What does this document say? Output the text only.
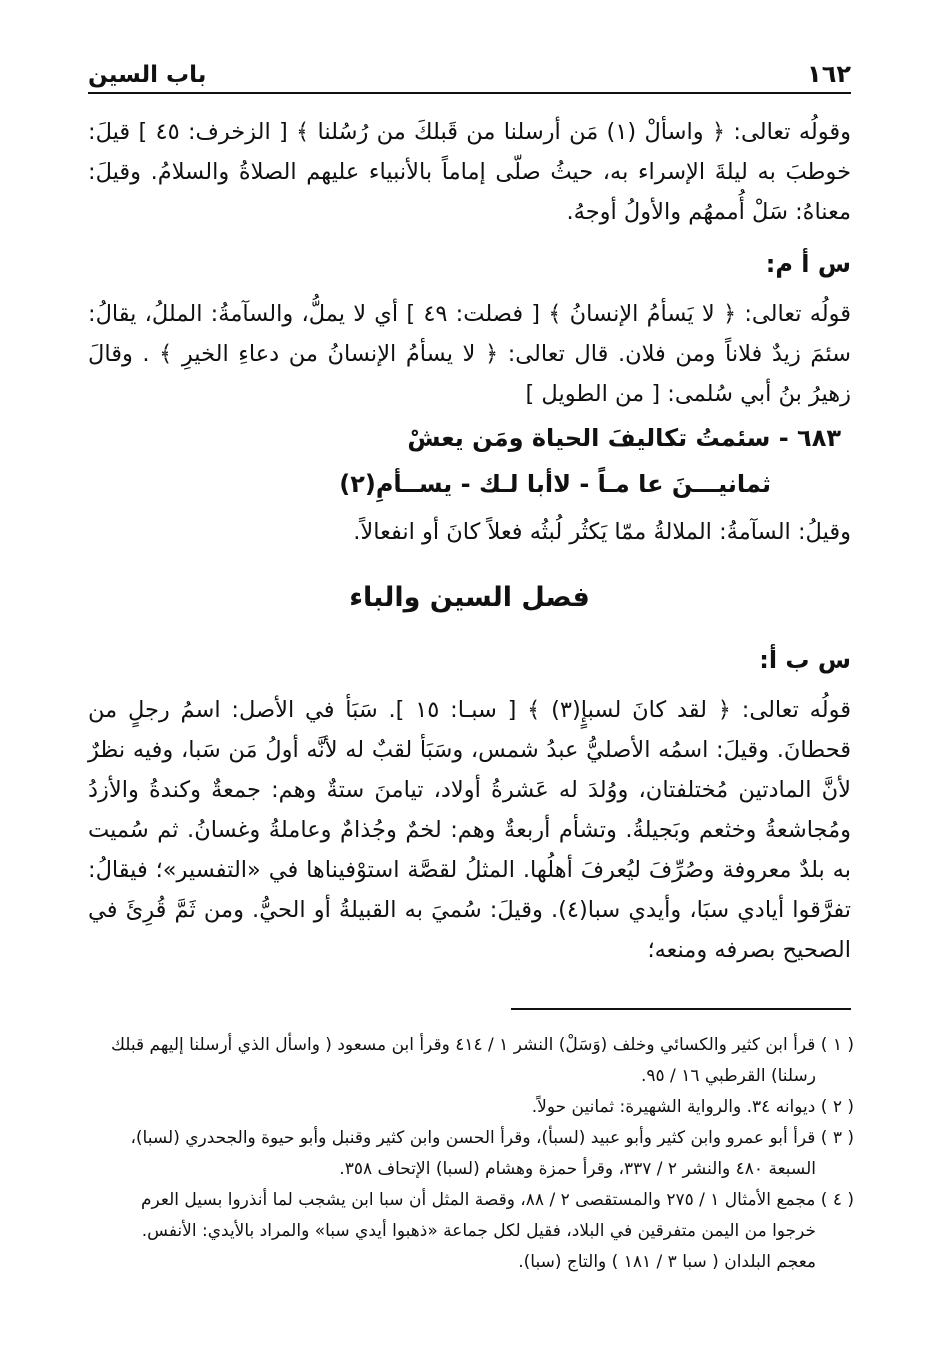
١٦٢
باب السين

وقولُه تعالى: ﴿ واسألْ (١) مَن أرسلنا من قَبلكَ من رُسُلنا ﴾ [ الزخرف: ٤٥ ] قيلَ: خوطبَ به ليلةَ الإسراء به، حيثُ صلّى إماماً بالأنبياء عليهم الصلاةُ والسلامُ. وقيلَ: معناهُ: سَلْ أُممهُم والأولُ أوجهُ.

س أ م:

قولُه تعالى: ﴿ لا يَسأمُ الإنسانُ ﴾ [ فصلت: ٤٩ ] أي لا يملُّ، والسآمةُ: المللُ، يقالُ: سئمَ زيدٌ فلاناً ومن فلان. قال تعالى: ﴿ لا يسأمُ الإنسانُ من دعاءِ الخيرِ ﴾ . وقالَ زهيرُ بنُ أبي سُلمى: [ من الطويل ]

٦٨٣ - سئمتُ تكاليفَ الحياة ومَن يعشْ

ثمانيـــنَ عا مـاً - لاأبا لـك - يســأمِ(٢)

وقيلُ: السآمةُ: الملالةُ ممّا يَكثُر لُبثُه فعلاً كانَ أو انفعالاً.

فصل السين والباء

س ب أ:

قولُه تعالى: ﴿ لقد كانَ لسبإٍ(٣) ﴾ [ سبـا: ١٥ ]. سَبَأ في الأصل: اسمُ رجلٍ من قحطانَ. وقيلَ: اسمُه الأصليُّ عبدُ شمس، وسَبَأ لقبٌ له لأنَّه أولُ مَن سَبا، وفيه نظرٌ لأنَّ المادتين مُختلفتان، ووُلدَ له عَشرةُ أولاد، تيامنَ ستةٌ وهم: جمعةٌ وكندةُ والأزدُ ومُجاشعةُ وخثعم وبَجيلةُ. وتشأم أربعةٌ وهم: لخمٌ وجُذامٌ وعاملةُ وغسانُ. ثم سُميت به بلدٌ معروفة وصُرِّفَ ليُعرفَ أهلُها. المثلُ لقصَّة استوْفيناها في «التفسير»؛ فيقالُ: تفرَّقوا أيادي سبَا، وأيدي سبا(٤). وقيلَ: سُميَ به القبيلةُ أو الحيُّ. ومن ثَمَّ قُرِئَ في الصحيح بصرفه ومنعه؛

( ١ ) قرأ ابن كثير والكسائي وخلف (وَسَلْ) النشر ١ / ٤١٤ وقرأ ابن مسعود ( واسأل الذي أرسلنا إليهم قبلك

رسلنا) القرطبي ١٦ / ٩٥.

( ٢ ) ديوانه ٣٤. والرواية الشهيرة: ثمانين حولاً.

( ٣ ) قرأ أبو عمرو وابن كثير وأبو عبيد (لسبأ)، وقرأ الحسن وابن كثير وقنبل وأبو حيوة والجحدري (لسبا)،

السبعة ٤٨٠ والنشر ٢ / ٣٣٧، وقرأ حمزة وهشام (لسبا) الإتحاف ٣٥٨.

( ٤ ) مجمع الأمثال ١ / ٢٧٥ والمستقصى ٢ / ٨٨، وقصة المثل أن سبا ابن يشجب لما أنذروا بسيل العرم

خرجوا من اليمن متفرقين في البلاد، فقيل لكل جماعة «ذهبوا أيدي سبا» والمراد بالأيدي: الأنفس.

معجم البلدان ( سبا ٣ / ١٨١ ) والتاج (سبا).
